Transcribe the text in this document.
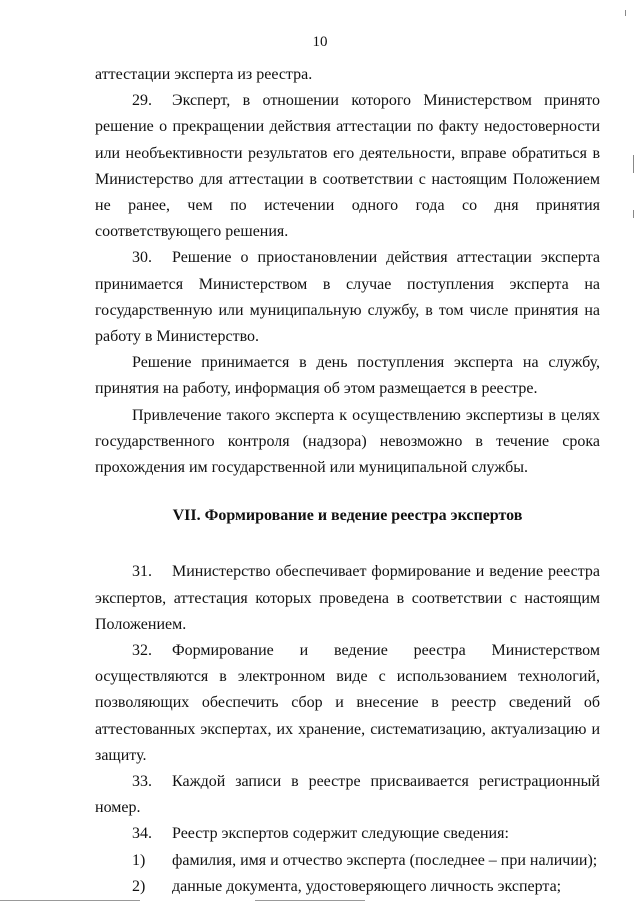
10

аттестации эксперта из реестра.

29. Эксперт, в отношении которого Министерством принято решение о прекращении действия аттестации по факту недостоверности или необъективности результатов его деятельности, вправе обратиться в Министерство для аттестации в соответствии с настоящим Положением не ранее, чем по истечении одного года со дня принятия соответствующего решения.

30. Решение о приостановлении действия аттестации эксперта принимается Министерством в случае поступления эксперта на государственную или муниципальную службу, в том числе принятия на работу в Министерство.

Решение принимается в день поступления эксперта на службу, принятия на работу, информация об этом размещается в реестре.

Привлечение такого эксперта к осуществлению экспертизы в целях государственного контроля (надзора) невозможно в течение срока прохождения им государственной или муниципальной службы.

VII. Формирование и ведение реестра экспертов

31. Министерство обеспечивает формирование и ведение реестра экспертов, аттестация которых проведена в соответствии с настоящим Положением.

32. Формирование и ведение реестра Министерством осуществляются в электронном виде с использованием технологий, позволяющих обеспечить сбор и внесение в реестр сведений об аттестованных экспертах, их хранение, систематизацию, актуализацию и защиту.

33. Каждой записи в реестре присваивается регистрационный номер.

34. Реестр экспертов содержит следующие сведения:

1) фамилия, имя и отчество эксперта (последнее – при наличии);

2) данные документа, удостоверяющего личность эксперта;
